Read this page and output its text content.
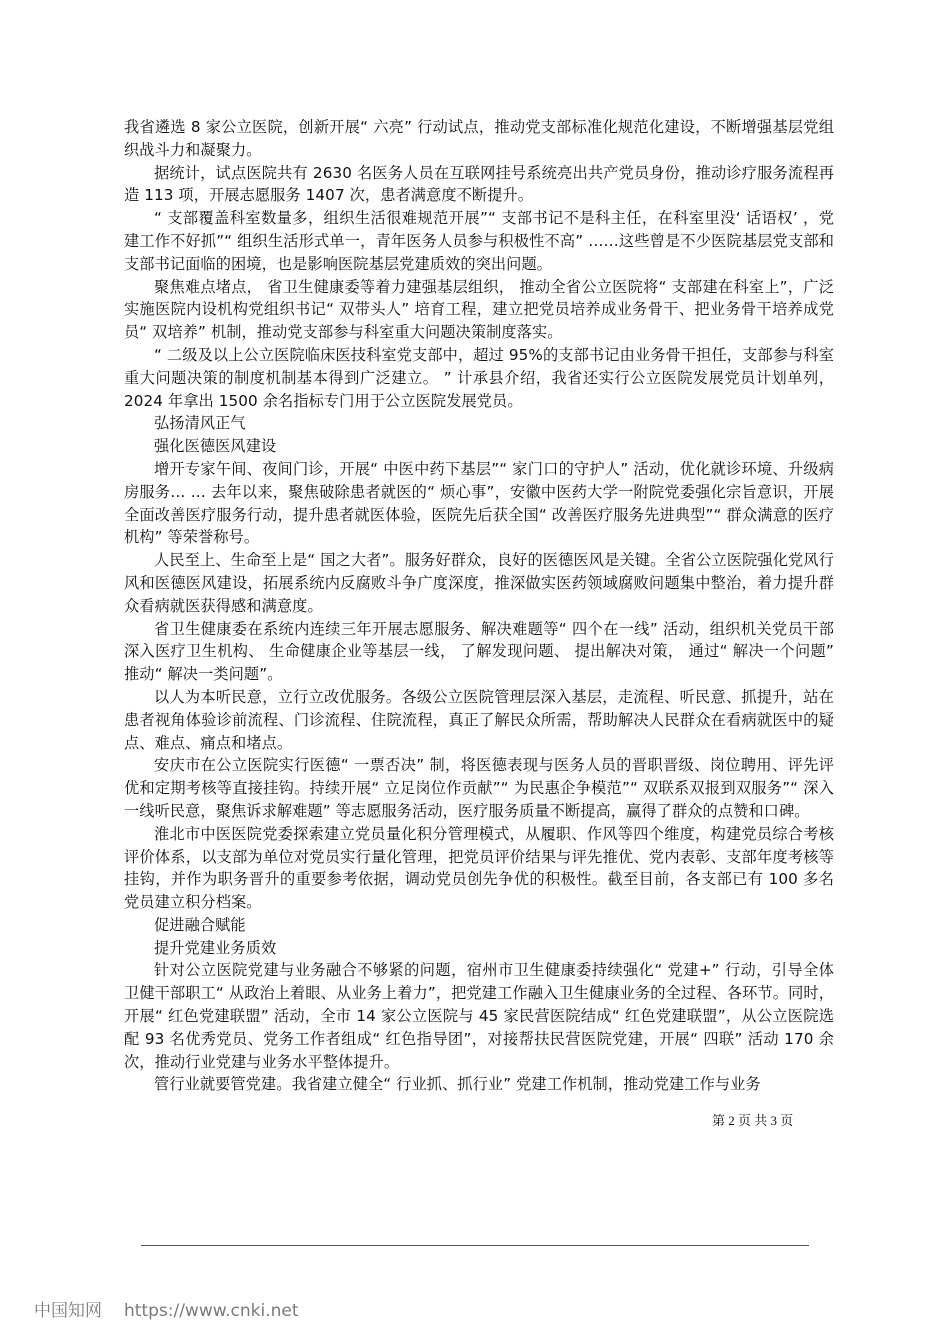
我省遴选 8 家公立医院，创新开展“ 六亮” 行动试点，推动党支部标准化规范化建设，不断增强基层党组织战斗力和凝聚力。

据统计，试点医院共有 2630 名医务人员在互联网挂号系统亮出共产党员身份，推动诊疗服务流程再造 113 项，开展志愿服务 1407 次，患者满意度不断提升。

“ 支部覆盖科室数量多，组织生活很难规范开展”“ 支部书记不是科主任，在科室里没‘ 话语权’ ，党建工作不好抓”“ 组织生活形式单一，青年医务人员参与积极性不高” ……这些曾是不少医院基层党支部和支部书记面临的困境，也是影响医院基层党建质效的突出问题。

聚焦难点堵点， 省卫生健康委等着力建强基层组织， 推动全省公立医院将“ 支部建在科室上”，广泛实施医院内设机构党组织书记“ 双带头人” 培育工程，建立把党员培养成业务骨干、把业务骨干培养成党员“ 双培养” 机制，推动党支部参与科室重大问题决策制度落实。

“ 二级及以上公立医院临床医技科室党支部中，超过 95%的支部书记由业务骨干担任，支部参与科室重大问题决策的制度机制基本得到广泛建立。 ” 计承县介绍，我省还实行公立医院发展党员计划单列，2024 年拿出 1500 余名指标专门用于公立医院发展党员。

弘扬清风正气

强化医德医风建设

增开专家午间、夜间门诊，开展“ 中医中药下基层”“ 家门口的守护人” 活动，优化就诊环境、升级病房服务… … 去年以来，聚焦破除患者就医的“ 烦心事”，安徽中医药大学一附院党委强化宗旨意识，开展全面改善医疗服务行动，提升患者就医体验，医院先后获全国“ 改善医疗服务先进典型”“ 群众满意的医疗机构” 等荣誉称号。

人民至上、生命至上是“ 国之大者”。服务好群众，良好的医德医风是关键。全省公立医院强化党风行风和医德医风建设，拓展系统内反腐败斗争广度深度，推深做实医药领域腐败问题集中整治，着力提升群众看病就医获得感和满意度。

省卫生健康委在系统内连续三年开展志愿服务、解决难题等“ 四个在一线” 活动，组织机关党员干部深入医疗卫生机构、 生命健康企业等基层一线， 了解发现问题、 提出解决对策， 通过“ 解决一个问题” 推动“ 解决一类问题”。

以人为本听民意，立行立改优服务。各级公立医院管理层深入基层，走流程、听民意、抓提升，站在患者视角体验诊前流程、门诊流程、住院流程，真正了解民众所需，帮助解决人民群众在看病就医中的疑点、难点、痛点和堵点。

安庆市在公立医院实行医德“ 一票否决” 制，将医德表现与医务人员的晋职晋级、岗位聘用、评先评优和定期考核等直接挂钩。持续开展“ 立足岗位作贡献”“ 为民惠企争模范”“ 双联系双报到双服务”“ 深入一线听民意，聚焦诉求解难题” 等志愿服务活动，医疗服务质量不断提高，赢得了群众的点赞和口碑。

淮北市中医医院党委探索建立党员量化积分管理模式，从履职、作风等四个维度，构建党员综合考核评价体系，以支部为单位对党员实行量化管理，把党员评价结果与评先推优、党内表彰、支部年度考核等挂钩，并作为职务晋升的重要参考依据，调动党员创先争优的积极性。截至目前，各支部已有 100 多名党员建立积分档案。

促进融合赋能

提升党建业务质效

针对公立医院党建与业务融合不够紧的问题，宿州市卫生健康委持续强化“ 党建+” 行动，引导全体卫健干部职工“ 从政治上着眼、从业务上着力”，把党建工作融入卫生健康业务的全过程、各环节。同时，开展“ 红色党建联盟” 活动，全市 14 家公立医院与 45 家民营医院结成“ 红色党建联盟”，从公立医院选配 93 名优秀党员、党务工作者组成“ 红色指导团”，对接帮扶民营医院党建，开展“ 四联” 活动 170 余次，推动行业党建与业务水平整体提升。

管行业就要管党建。我省建立健全“ 行业抓、抓行业” 党建工作机制，推动党建工作与业务

第 2 页 共 3 页
中国知网 https://www.cnki.net
